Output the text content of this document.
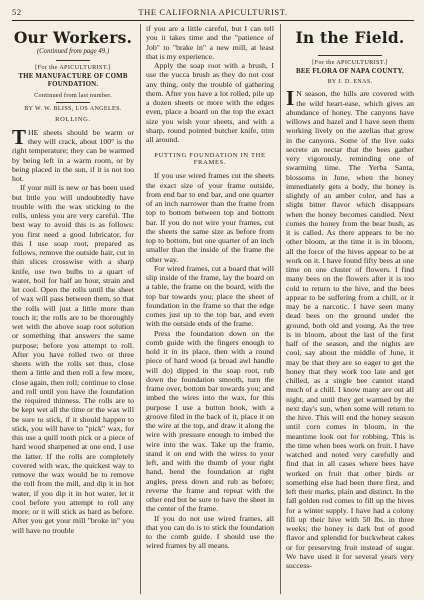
52	THE CALIFORNIA APICULTURIST.
Our Workers.
(Continued from page 49.)
[For the APICULTURIST.]
THE MANUFACTURE OF COMB FOUNDATION.
Continued from last number.
BY W. W. BLISS, LOS ANGELES.
ROLLING.

THE sheets should be warm or they will crack, about 100° is the right temperature; they can be warmed by being left in a warm room, or by being placed in the sun, if it is not too hot.

If your mill is new or has been used but little you will undoubtedly have trouble with the wax sticking to the rolls, unless you are very careful. The best way to avoid this is as follows: you first need a good lubricator, for this I use soap root, prepared as follows, remove the outside hair, cut in thin slices crosswise with a sharp knife, use two bulbs to a quart of water, boil for half an hour, strain and let cool. Open the rolls until the sheet of wax will pass between them, so that the rolls will just a little more than touch it; the rolls are to be thoroughly wet with the above soap root solution or something that answers the same purpose; before you attempt to roll. After you have rolled two or three sheets with the rolls set thus, close them a little and then roll a few more, close again, then roll; continue to close and roll until you have the foundation the required thinness. The rolls are to be kept wet all the time or the wax will be sure to stick, if it should happen to stick, you will have to "pick" wax, for this use a quill tooth pick or a piece of hard wood sharpened at one end, I use the latter. If the rolls are completely covered with wax, the quickest way to remove the wax would be to remove the roll from the mill, and dip it in hot water, if you dip it in hot water, let it cool before you attempt to roll any more; or it will stick as hard as before. After you get your mill "broke in" you will have no trouble

if you are a little careful, but I can tell you it takes time and the "patience of Job" to "brake in" a new mill, at least that is my experience.

Apply the soap root with a brush, I use the yucca brush as they do not cost any thing, only the trouble of gathering them. After you have a lot rolled, pile up a dozen sheets or more with the edges even, place a board on the top the exact size you wish your sheets, and with a sharp, round pointed butcher knife, trim all around.

PUTTING FOUNDATION IN THE FRAMES.

If you use wired frames cut the sheets the exact size of your frame outside, from end bar to end bar, and one quarter of an inch narrower than the frame from top to bottom between top and bottom bar. If you do not wire your frames, cut the sheets the same size as before from top to bottom, but one quarter of an inch smaller than the inside of the frame the other way.

For wired frames, cut a board that will slip inside of the frame, lay the board on a table, the frame on the board, with the top bar towards you; place the sheet of foundation in the frame so that the edge comes just up to the top bar, and even with the outside ends of the frame.

Press the foundation down on the comb guide with the fingers enough to hold it in its place, then with a round piece of hard wood (a broad awl handle will do) dipped in the soap root, rub down the foundation smooth, turn the frame over, bottom bar towards you; and imbed the wires into the wax, for this purpose I use a button hook, with a groove filed in the back of it, place it on the wire at the top, and draw it along the wire with pressure enough to imbed the wire into the wax. Take up the frame, stand it on end with the wires to your left, and with the thumb of your right hand, bend the foundation at right angles, press down and rub as before; reverse the frame and repeat with the other end but be sure to have the sheet in the center of the frame.

If you do not use wired frames, all that you can do is to stick the foundation to the comb guide. I should use the wired frames by all means.

In the Field.
[For the APICULTURIST.]
BEE FLORA OF NAPA COUNTY.
BY J. D. ENAS.

I N season, the hills are covered with the wild heart-ease, which gives an abundance of honey. The canyons have willows and hazel and I have seen them working lively on the azelias that grow in the canyons. Some of the live oaks secrete an nectar that the bees gather very vigorously, reminding one of swarming time. The Yerba Santa, blossoms in June, when the honey immediately gets a body, the honey is slightly of an amber color, and has a slight bitter flavor which disappears when the honey becomes candied. Next comes the honey from the bear bush, as it is called. As there appears to be no other bloom, at the time it is in bloom, all the force of the hives appear to be at work on it. I have found fifty bees at one time on one cluster of flowers. I find many bees on the flowers after it is too cold to return to the hive, and the bees appear to be suffering from a chill, or it may be a narcotic. I have seen many dead bees on the ground under the ground, both old and young. As the tree is in bloom, about the last of the first half of the season, and the nights are cool, say about the middle of June, it may be that they are so eager to get the honey that they work too late and get chilled, as a single bee cannot stand much of a chill. I know many are out all night, and until they get warmed by the next day's sun, when some will return to the hive. This will end the honey season until corn comes in bloom, in the meantime look out for robbing. This is the time when bees work on fruit. I have watched and noted very carefully and find that in all cases where bees have worked on fruit that other birds or something else had been there first, and left their marks, plain and distinct. In the fall golden rod comes to fill up the hives for a winter supply. I have had a colony fill up their hive with 50 lbs. in three weeks; the honey is dark but of good flavor and splendid for buckwheat cakes or for preserving fruit instead of sugar. We have used it for several years very success-
